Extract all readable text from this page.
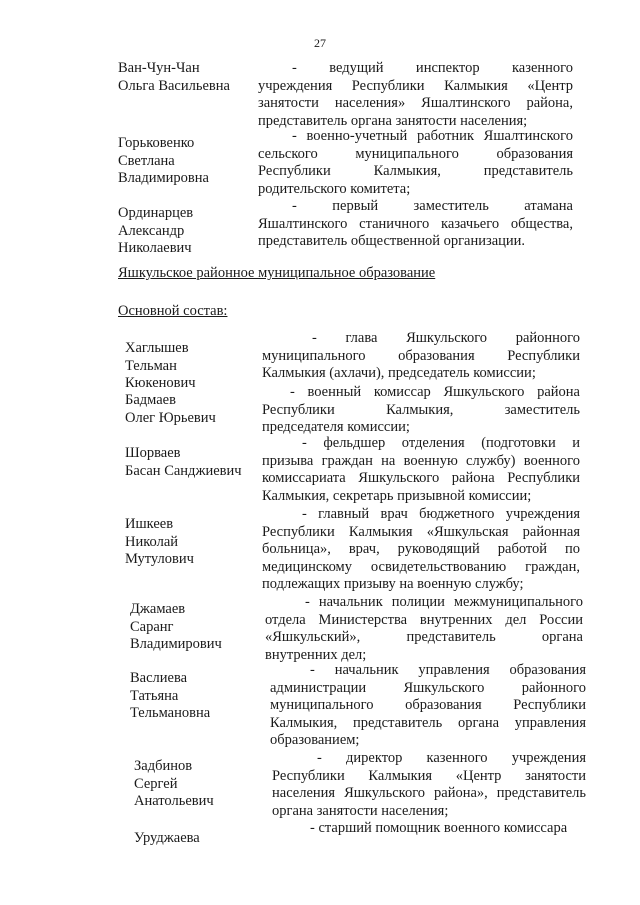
27
Ван-Чун-Чан
Ольга Васильевна
- ведущий инспектор казенного
учреждения Республики Калмыкия «Центр
занятости населения» Яшалтинского района,
представитель органа занятости населения;
Горьковенко
Светлана
Владимировна
- военно-учетный работник Яшалтинского
сельского муниципального образования
Республики Калмыкия, представитель
родительского комитета;
Ординарцев
Александр
Николаевич
- первый заместитель атамана
Яшалтинского станичного казачьего общества,
представитель общественной организации.
Яшкульское районное муниципальное образование
Основной состав:
Хаглышев
Тельман
Кюкенович
- глава Яшкульского районного
муниципального образования Республики
Калмыкия (ахлачи), председатель комиссии;
Бадмаев
Олег Юрьевич
- военный комиссар Яшкульского района
Республики Калмыкия, заместитель
председателя комиссии;
Шорваев
Басан Санджиевич
- фельдшер отделения (подготовки и
призыва граждан на военную службу) военного
комиссариата Яшкульского района Республики
Калмыкия, секретарь призывной комиссии;
Ишкеев
Николай
Мутулович
- главный врач бюджетного учреждения
Республики Калмыкия «Яшкульская районная
больница», врач, руководящий работой по
медицинскому освидетельствованию граждан,
подлежащих призыву на военную службу;
Джамаев
Саранг
Владимирович
- начальник полиции межмуниципального
отдела Министерства внутренних дел России
«Яшкульский», представитель органа
внутренних дел;
Васлиева
Татьяна
Тельмановна
- начальник управления образования
администрации Яшкульского районного
муниципального образования Республики
Калмыкия, представитель органа управления
образованием;
Задбинов
Сергей
Анатольевич
- директор казенного учреждения
Республики Калмыкия «Центр занятости
населения Яшкульского района», представитель
органа занятости населения;
Уруджаева
- старший помощник военного комиссара
